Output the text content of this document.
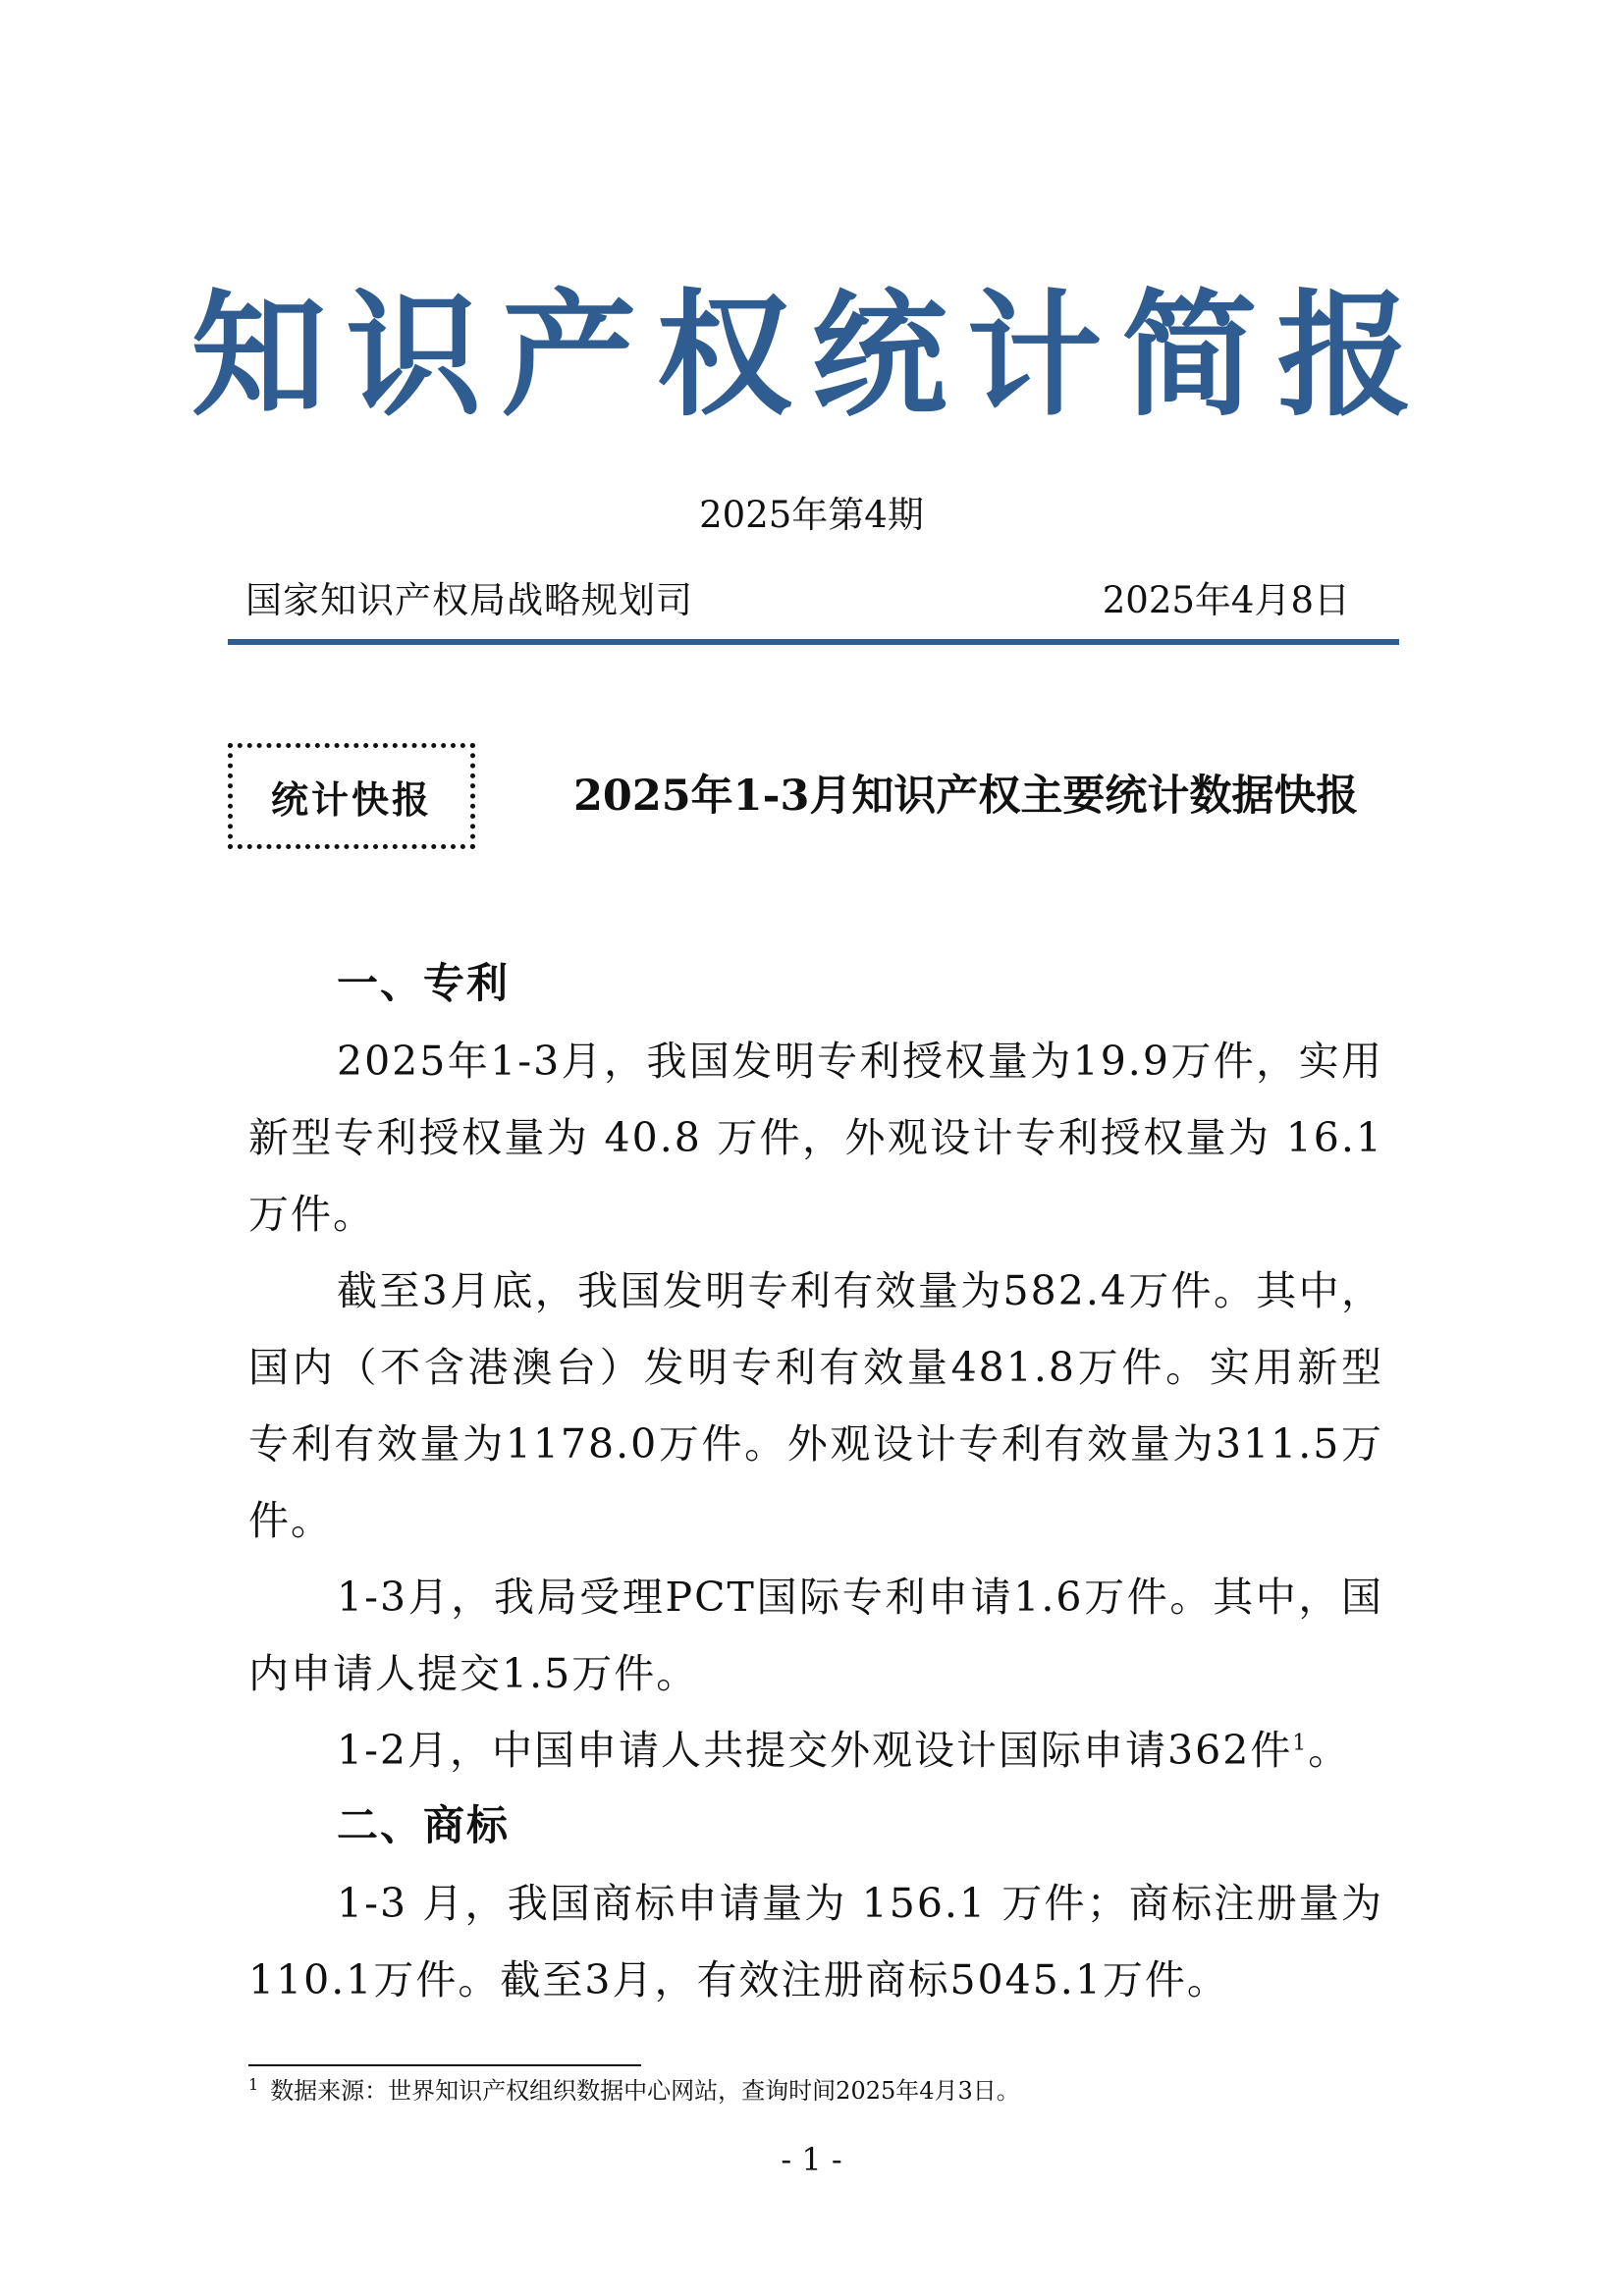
知识产权统计简报
2025年第4期
国家知识产权局战略规划司	2025年4月8日
统计快报	2025年1-3月知识产权主要统计数据快报
一、专利
2025年1-3月，我国发明专利授权量为19.9万件，实用新型专利授权量为 40.8 万件，外观设计专利授权量为 16.1 万件。
截至3月底，我国发明专利有效量为582.4万件。其中，国内（不含港澳台）发明专利有效量481.8万件。实用新型专利有效量为1178.0万件。外观设计专利有效量为311.5万件。
1-3月，我局受理PCT国际专利申请1.6万件。其中，国内申请人提交1.5万件。
1-2月，中国申请人共提交外观设计国际申请362件$^1$。
二、商标
1-3 月，我国商标申请量为 156.1 万件；商标注册量为110.1万件。截至3月，有效注册商标5045.1万件。
$^1$ 数据来源：世界知识产权组织数据中心网站，查询时间2025年4月3日。
- 1 -
